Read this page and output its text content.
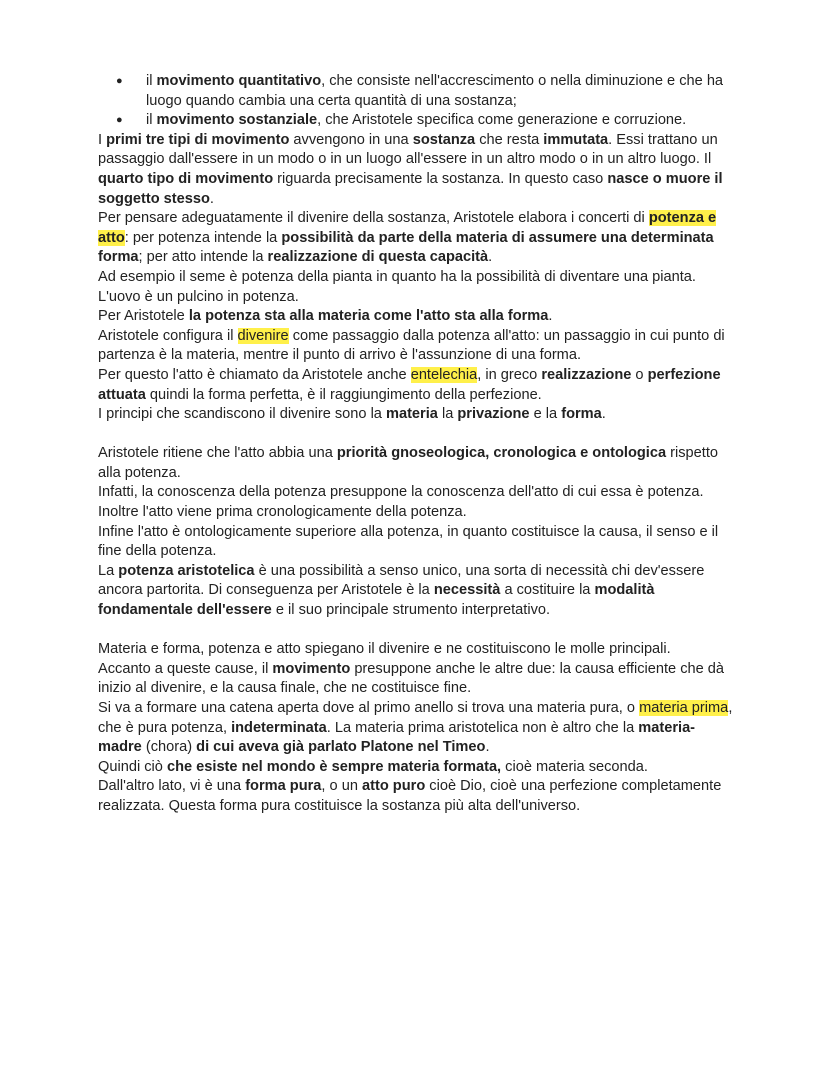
● il movimento quantitativo, che consiste nell'accrescimento o nella diminuzione e che ha luogo quando cambia una certa quantità di una sostanza;
● il movimento sostanziale, che Aristotele specifica come generazione e corruzione.

I primi tre tipi di movimento avvengono in una sostanza che resta immutata. Essi trattano un passaggio dall'essere in un modo o in un luogo all'essere in un altro modo o in un altro luogo. Il quarto tipo di movimento riguarda precisamente la sostanza. In questo caso nasce o muore il soggetto stesso.

Per pensare adeguatamente il divenire della sostanza, Aristotele elabora i concerti di potenza e atto: per potenza intende la possibilità da parte della materia di assumere una determinata forma; per atto intende la realizzazione di questa capacità.

Ad esempio il seme è potenza della pianta in quanto ha la possibilità di diventare una pianta.

L'uovo è un pulcino in potenza.

Per Aristotele la potenza sta alla materia come l'atto sta alla forma.

Aristotele configura il divenire come passaggio dalla potenza all'atto: un passaggio in cui punto di partenza è la materia, mentre il punto di arrivo è l'assunzione di una forma.

Per questo l'atto è chiamato da Aristotele anche entelechia, in greco realizzazione o perfezione attuata quindi la forma perfetta, è il raggiungimento della perfezione.

I principi che scandiscono il divenire sono la materia la privazione e la forma.

Aristotele ritiene che l'atto abbia una priorità gnoseologica, cronologica e ontologica rispetto alla potenza.

Infatti, la conoscenza della potenza presuppone la conoscenza dell'atto di cui essa è potenza.

Inoltre l'atto viene prima cronologicamente della potenza.

Infine l'atto è ontologicamente superiore alla potenza, in quanto costituisce la causa, il senso e il fine della potenza.

La potenza aristotelica è una possibilità a senso unico, una sorta di necessità chi dev'essere ancora partorita. Di conseguenza per Aristotele è la necessità a costituire la modalità fondamentale dell'essere e il suo principale strumento interpretativo.

Materia e forma, potenza e atto spiegano il divenire e ne costituiscono le molle principali.

Accanto a queste cause, il movimento presuppone anche le altre due: la causa efficiente che dà inizio al divenire, e la causa finale, che ne costituisce fine.

Si va a formare una catena aperta dove al primo anello si trova una materia pura, o materia prima, che è pura potenza, indeterminata. La materia prima aristotelica non è altro che la materia-madre (chora) di cui aveva già parlato Platone nel Timeo.

Quindi ciò che esiste nel mondo è sempre materia formata, cioè materia seconda.

Dall'altro lato, vi è una forma pura, o un atto puro cioè Dio, cioè una perfezione completamente realizzata. Questa forma pura costituisce la sostanza più alta dell'universo.
